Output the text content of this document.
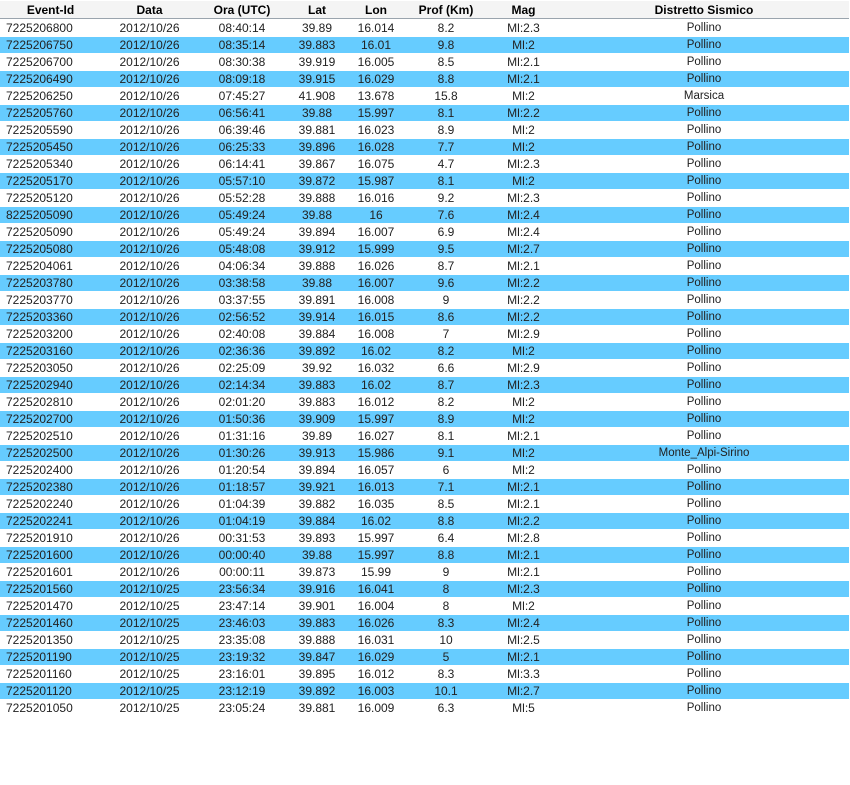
Event-Id	Data	Ora (UTC)	Lat	Lon	Prof (Km)	Mag	Distretto Sismico
7225206800	2012/10/26	08:40:14	39.89	16.014	8.2	Ml:2.3	Pollino
7225206750	2012/10/26	08:35:14	39.883	16.01	9.8	Ml:2	Pollino
7225206700	2012/10/26	08:30:38	39.919	16.005	8.5	Ml:2.1	Pollino
7225206490	2012/10/26	08:09:18	39.915	16.029	8.8	Ml:2.1	Pollino
7225206250	2012/10/26	07:45:27	41.908	13.678	15.8	Ml:2	Marsica
7225205760	2012/10/26	06:56:41	39.88	15.997	8.1	Ml:2.2	Pollino
7225205590	2012/10/26	06:39:46	39.881	16.023	8.9	Ml:2	Pollino
7225205450	2012/10/26	06:25:33	39.896	16.028	7.7	Ml:2	Pollino
7225205340	2012/10/26	06:14:41	39.867	16.075	4.7	Ml:2.3	Pollino
7225205170	2012/10/26	05:57:10	39.872	15.987	8.1	Ml:2	Pollino
7225205120	2012/10/26	05:52:28	39.888	16.016	9.2	Ml:2.3	Pollino
8225205090	2012/10/26	05:49:24	39.88	16	7.6	Ml:2.4	Pollino
7225205090	2012/10/26	05:49:24	39.894	16.007	6.9	Ml:2.4	Pollino
7225205080	2012/10/26	05:48:08	39.912	15.999	9.5	Ml:2.7	Pollino
7225204061	2012/10/26	04:06:34	39.888	16.026	8.7	Ml:2.1	Pollino
7225203780	2012/10/26	03:38:58	39.88	16.007	9.6	Ml:2.2	Pollino
7225203770	2012/10/26	03:37:55	39.891	16.008	9	Ml:2.2	Pollino
7225203360	2012/10/26	02:56:52	39.914	16.015	8.6	Ml:2.2	Pollino
7225203200	2012/10/26	02:40:08	39.884	16.008	7	Ml:2.9	Pollino
7225203160	2012/10/26	02:36:36	39.892	16.02	8.2	Ml:2	Pollino
7225203050	2012/10/26	02:25:09	39.92	16.032	6.6	Ml:2.9	Pollino
7225202940	2012/10/26	02:14:34	39.883	16.02	8.7	Ml:2.3	Pollino
7225202810	2012/10/26	02:01:20	39.883	16.012	8.2	Ml:2	Pollino
7225202700	2012/10/26	01:50:36	39.909	15.997	8.9	Ml:2	Pollino
7225202510	2012/10/26	01:31:16	39.89	16.027	8.1	Ml:2.1	Pollino
7225202500	2012/10/26	01:30:26	39.913	15.986	9.1	Ml:2	Monte_Alpi-Sirino
7225202400	2012/10/26	01:20:54	39.894	16.057	6	Ml:2	Pollino
7225202380	2012/10/26	01:18:57	39.921	16.013	7.1	Ml:2.1	Pollino
7225202240	2012/10/26	01:04:39	39.882	16.035	8.5	Ml:2.1	Pollino
7225202241	2012/10/26	01:04:19	39.884	16.02	8.8	Ml:2.2	Pollino
7225201910	2012/10/26	00:31:53	39.893	15.997	6.4	Ml:2.8	Pollino
7225201600	2012/10/26	00:00:40	39.88	15.997	8.8	Ml:2.1	Pollino
7225201601	2012/10/26	00:00:11	39.873	15.99	9	Ml:2.1	Pollino
7225201560	2012/10/25	23:56:34	39.916	16.041	8	Ml:2.3	Pollino
7225201470	2012/10/25	23:47:14	39.901	16.004	8	Ml:2	Pollino
7225201460	2012/10/25	23:46:03	39.883	16.026	8.3	Ml:2.4	Pollino
7225201350	2012/10/25	23:35:08	39.888	16.031	10	Ml:2.5	Pollino
7225201190	2012/10/25	23:19:32	39.847	16.029	5	Ml:2.1	Pollino
7225201160	2012/10/25	23:16:01	39.895	16.012	8.3	Ml:3.3	Pollino
7225201120	2012/10/25	23:12:19	39.892	16.003	10.1	Ml:2.7	Pollino
7225201050	2012/10/25	23:05:24	39.881	16.009	6.3	Ml:5	Pollino
